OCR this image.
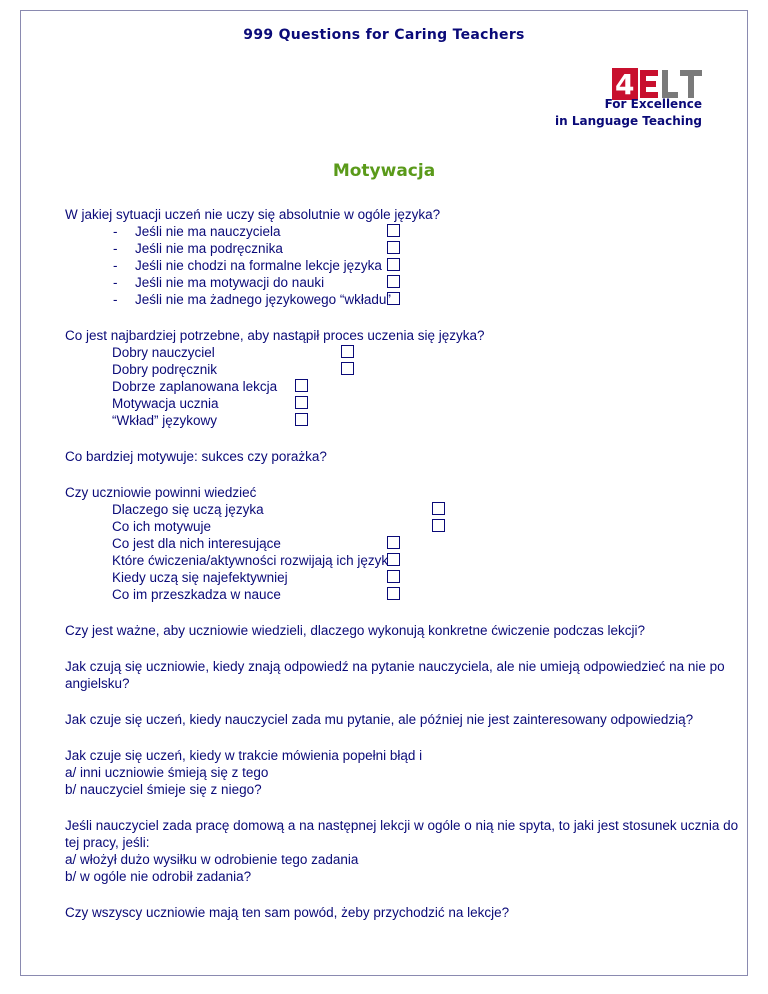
999 Questions for Caring Teachers
4
For Excellence
in Language Teaching
Motywacja
W jakiej sytuacji uczeń nie uczy się absolutnie w ogóle języka?
- Jeśli nie ma nauczyciela
- Jeśli nie ma podręcznika
- Jeśli nie chodzi na formalne lekcje języka
- Jeśli nie ma motywacji do nauki
- Jeśli nie ma żadnego językowego “wkładu”
Co jest najbardziej potrzebne, aby nastąpił proces uczenia się języka?
Dobry nauczyciel
Dobry podręcznik
Dobrze zaplanowana lekcja
Motywacja ucznia
“Wkład” językowy
Co bardziej motywuje: sukces czy porażka?
Czy uczniowie powinni wiedzieć
Dlaczego się uczą języka
Co ich motywuje
Co jest dla nich interesujące
Które ćwiczenia/aktywności rozwijają ich język
Kiedy uczą się najefektywniej
Co im przeszkadza w nauce
Czy jest ważne, aby uczniowie wiedzieli, dlaczego wykonują konkretne ćwiczenie podczas lekcji?
Jak czują się uczniowie, kiedy znają odpowiedź na pytanie nauczyciela, ale nie umieją odpowiedzieć na nie po
angielsku?
Jak czuje się uczeń, kiedy nauczyciel zada mu pytanie, ale później nie jest zainteresowany odpowiedzią?
Jak czuje się uczeń, kiedy w trakcie mówienia popełni błąd i
a/ inni uczniowie śmieją się z tego
b/ nauczyciel śmieje się z niego?
Jeśli nauczyciel zada pracę domową a na następnej lekcji w ogóle o nią nie spyta, to jaki jest stosunek ucznia do
tej pracy, jeśli:
a/ włożył dużo wysiłku w odrobienie tego zadania
b/ w ogóle nie odrobił zadania?
Czy wszyscy uczniowie mają ten sam powód, żeby przychodzić na lekcje?
